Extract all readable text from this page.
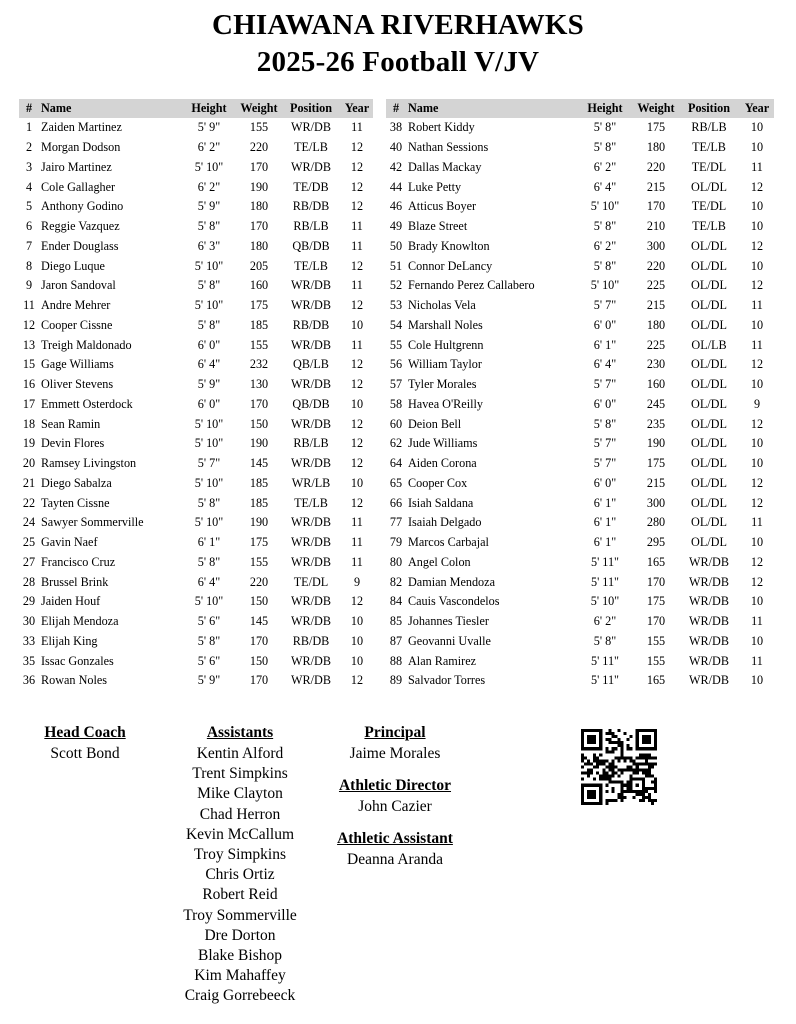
CHIAWANA RIVERHAWKS
2025-26 Football V/JV
#	Name	Height	Weight	Position	Year
1	Zaiden Martinez	5' 9"	155	WR/DB	11
2	Morgan Dodson	6' 2"	220	TE/LB	12
3	Jairo Martinez	5' 10"	170	WR/DB	12
4	Cole Gallagher	6' 2"	190	TE/DB	12
5	Anthony Godino	5' 9"	180	RB/DB	12
6	Reggie Vazquez	5' 8"	170	RB/LB	11
7	Ender Douglass	6' 3"	180	QB/DB	11
8	Diego Luque	5' 10"	205	TE/LB	12
9	Jaron Sandoval	5' 8"	160	WR/DB	11
11	Andre Mehrer	5' 10"	175	WR/DB	12
12	Cooper Cissne	5' 8"	185	RB/DB	10
13	Treigh Maldonado	6' 0"	155	WR/DB	11
15	Gage Williams	6' 4"	232	QB/LB	12
16	Oliver Stevens	5' 9"	130	WR/DB	12
17	Emmett Osterdock	6' 0"	170	QB/DB	10
18	Sean Ramin	5' 10"	150	WR/DB	12
19	Devin Flores	5' 10"	190	RB/LB	12
20	Ramsey Livingston	5' 7"	145	WR/DB	12
21	Diego Sabalza	5' 10"	185	WR/LB	10
22	Tayten Cissne	5' 8"	185	TE/LB	12
24	Sawyer Sommerville	5' 10"	190	WR/DB	11
25	Gavin Naef	6' 1"	175	WR/DB	11
27	Francisco Cruz	5' 8"	155	WR/DB	11
28	Brussel Brink	6' 4"	220	TE/DL	9
29	Jaiden Houf	5' 10"	150	WR/DB	12
30	Elijah Mendoza	5' 6"	145	WR/DB	10
33	Elijah King	5' 8"	170	RB/DB	10
35	Issac Gonzales	5' 6"	150	WR/DB	10
36	Rowan Noles	5' 9"	170	WR/DB	12
#	Name	Height	Weight	Position	Year
38	Robert Kiddy	5' 8"	175	RB/LB	10
40	Nathan Sessions	5' 8"	180	TE/LB	10
42	Dallas Mackay	6' 2"	220	TE/DL	11
44	Luke Petty	6' 4"	215	OL/DL	12
46	Atticus Boyer	5' 10"	170	TE/DL	10
49	Blaze Street	5' 8"	210	TE/LB	10
50	Brady Knowlton	6' 2"	300	OL/DL	12
51	Connor DeLancy	5' 8"	220	OL/DL	10
52	Fernando Perez Callabero	5' 10"	225	OL/DL	12
53	Nicholas Vela	5' 7"	215	OL/DL	11
54	Marshall Noles	6' 0"	180	OL/DL	10
55	Cole Hultgrenn	6' 1"	225	OL/LB	11
56	William Taylor	6' 4"	230	OL/DL	12
57	Tyler Morales	5' 7"	160	OL/DL	10
58	Havea O'Reilly	6' 0"	245	OL/DL	9
60	Deion Bell	5' 8"	235	OL/DL	12
62	Jude Williams	5' 7"	190	OL/DL	10
64	Aiden Corona	5' 7"	175	OL/DL	10
65	Cooper Cox	6' 0"	215	OL/DL	12
66	Isiah Saldana	6' 1"	300	OL/DL	12
77	Isaiah Delgado	6' 1"	280	OL/DL	11
79	Marcos Carbajal	6' 1"	295	OL/DL	10
80	Angel Colon	5' 11"	165	WR/DB	12
82	Damian Mendoza	5' 11"	170	WR/DB	12
84	Cauis Vascondelos	5' 10"	175	WR/DB	10
85	Johannes Tiesler	6' 2"	170	WR/DB	11
87	Geovanni Uvalle	5' 8"	155	WR/DB	10
88	Alan Ramirez	5' 11"	155	WR/DB	11
89	Salvador Torres	5' 11"	165	WR/DB	10
Head Coach
Scott Bond
Assistants
Kentin Alford
Trent Simpkins
Mike Clayton
Chad Herron
Kevin McCallum
Troy Simpkins
Chris Ortiz
Robert Reid
Troy Sommerville
Dre Dorton
Blake Bishop
Kim Mahaffey
Craig Gorrebeeck
Principal
Jaime Morales
Athletic Director
John Cazier
Athletic Assistant
Deanna Aranda
